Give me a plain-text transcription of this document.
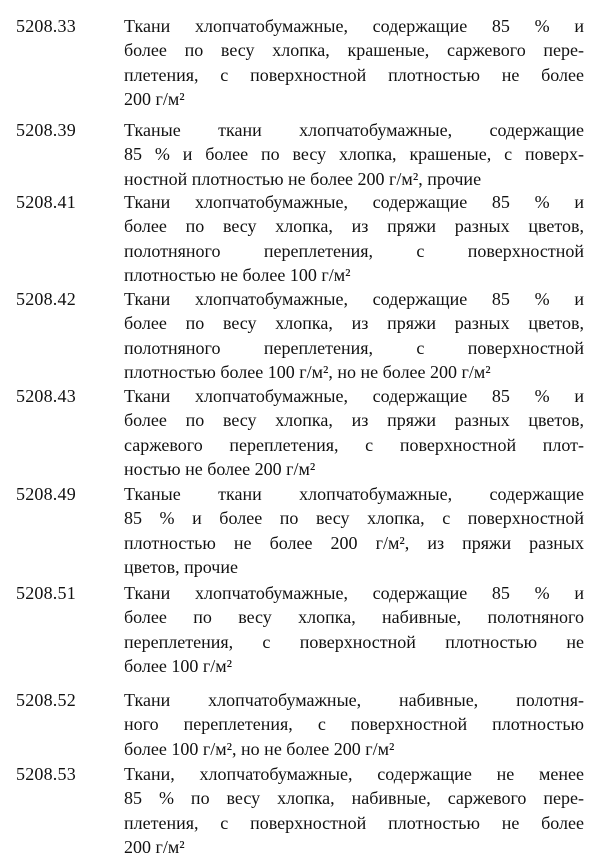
5208.33	Ткани хлопчатобумажные, содержащие 85 % и
более по весу хлопка, крашеные, саржевого пере-
плетения, с поверхностной плотностью не более
200 г/м²
5208.39	Тканые ткани хлопчатобумажные, содержащие
85 % и более по весу хлопка, крашеные, с поверх-
ностной плотностью не более 200 г/м², прочие
5208.41	Ткани хлопчатобумажные, содержащие 85 % и
более по весу хлопка, из пряжи разных цветов,
полотняного переплетения, с поверхностной
плотностью не более 100 г/м²
5208.42	Ткани хлопчатобумажные, содержащие 85 % и
более по весу хлопка, из пряжи разных цветов,
полотняного переплетения, с поверхностной
плотностью более 100 г/м², но не более 200 г/м²
5208.43	Ткани хлопчатобумажные, содержащие 85 % и
более по весу хлопка, из пряжи разных цветов,
саржевого переплетения, с поверхностной плот-
ностью не более 200 г/м²
5208.49	Тканые ткани хлопчатобумажные, содержащие
85 % и более по весу хлопка, с поверхностной
плотностью не более 200 г/м², из пряжи разных
цветов, прочие
5208.51	Ткани хлопчатобумажные, содержащие 85 % и
более по весу хлопка, набивные, полотняного
переплетения, с поверхностной плотностью не
более 100 г/м²
5208.52	Ткани хлопчатобумажные, набивные, полотня-
ного переплетения, с поверхностной плотностью
более 100 г/м², но не более 200 г/м²
5208.53	Ткани, хлопчатобумажные, содержащие не менее
85 % по весу хлопка, набивные, саржевого пере-
плетения, с поверхностной плотностью не более
200 г/м²
